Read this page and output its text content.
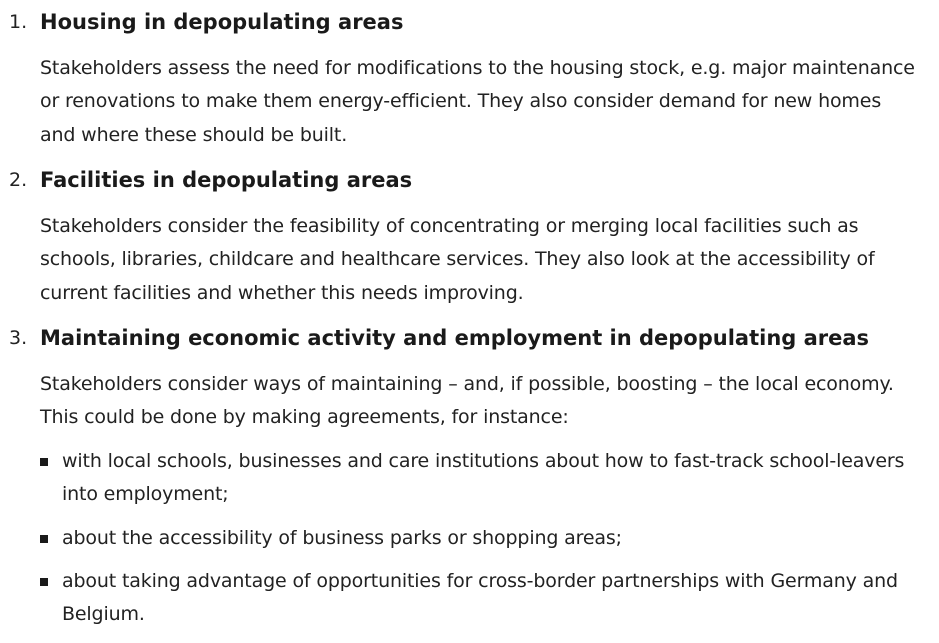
1. Housing in depopulating areas
Stakeholders assess the need for modifications to the housing stock, e.g. major maintenance or renovations to make them energy-efficient. They also consider demand for new homes and where these should be built.
2. Facilities in depopulating areas
Stakeholders consider the feasibility of concentrating or merging local facilities such as schools, libraries, childcare and healthcare services. They also look at the accessibility of current facilities and whether this needs improving.
3. Maintaining economic activity and employment in depopulating areas
Stakeholders consider ways of maintaining – and, if possible, boosting – the local economy. This could be done by making agreements, for instance:
with local schools, businesses and care institutions about how to fast-track school-leavers into employment;
about the accessibility of business parks or shopping areas;
about taking advantage of opportunities for cross-border partnerships with Germany and Belgium.
